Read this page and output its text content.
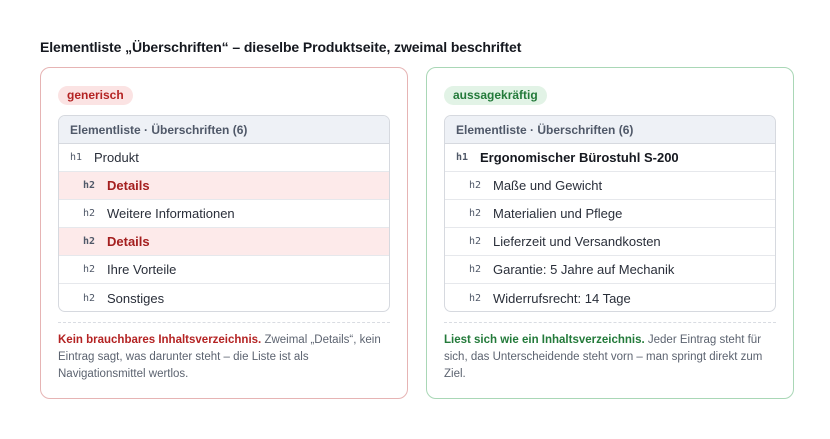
Elementliste „Überschriften“ – dieselbe Produktseite, zweimal beschriftet
generisch
Elementliste · Überschriften (6)
h1 Produkt
h2 Details
h2 Weitere Informationen
h2 Details
h2 Ihre Vorteile
h2 Sonstiges

Kein brauchbares Inhaltsverzeichnis. Zweimal „Details“, kein Eintrag sagt, was darunter steht – die Liste ist als Navigationsmittel wertlos.

aussagekräftig
Elementliste · Überschriften (6)
h1 Ergonomischer Bürostuhl S-200
h2 Maße und Gewicht
h2 Materialien und Pflege
h2 Lieferzeit und Versandkosten
h2 Garantie: 5 Jahre auf Mechanik
h2 Widerrufsrecht: 14 Tage

Liest sich wie ein Inhaltsverzeichnis. Jeder Eintrag steht für sich, das Unterscheidende steht vorn – man springt direkt zum Ziel.
